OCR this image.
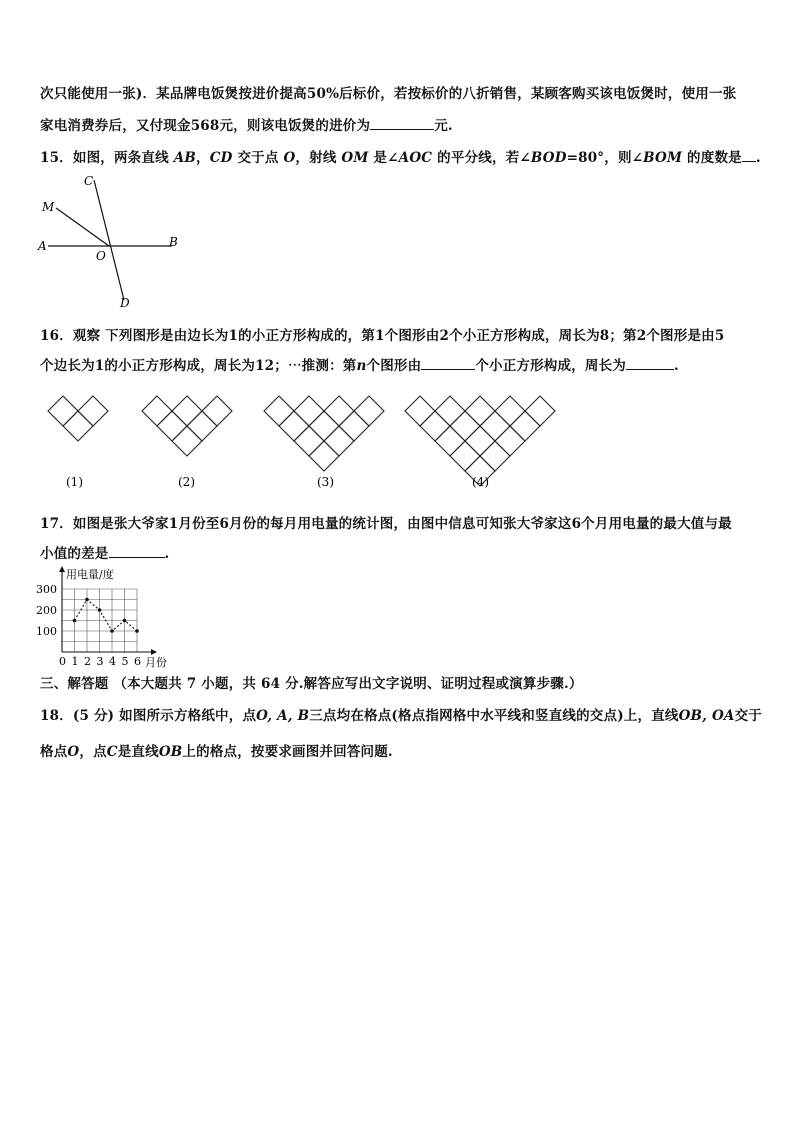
次只能使用一张)．某品牌电饭煲按进价提高50%后标价，若按标价的八折销售，某顾客购买该电饭煲时，使用一张
家电消费券后，又付现金568元，则该电饭煲的进价为	元.
15．如图，两条直线 AB，CD 交于点 O，射线 OM 是∠AOC 的平分线，若∠BOD=80°，则∠BOM 的度数是 .
C
M
A
O
B
D
16．观察 下列图形是由边长为1的小正方形构成的，第1个图形由2个小正方形构成，周长为8；第2个图形是由5
个边长为1的小正方形构成，周长为12；⋯推测：第n个图形由	个小正方形构成，周长为	.
(1)	(2)	(3)	(4)
17．如图是张大爷家1月份至6月份的每月用电量的统计图，由图中信息可知张大爷家这6个月用电量的最大值与最
小值的差是	.
用电量/度
100
200
300
0 1 2 3 4 5 6 月份
三、解答题 （本大题共 7 小题，共 64 分.解答应写出文字说明、证明过程或演算步骤.）
18．(5 分) 如图所示方格纸中，点O, A, B三点均在格点(格点指网格中水平线和竖直线的交点)上，直线OB, OA交于
格点O，点C是直线OB上的格点，按要求画图并回答问题.
